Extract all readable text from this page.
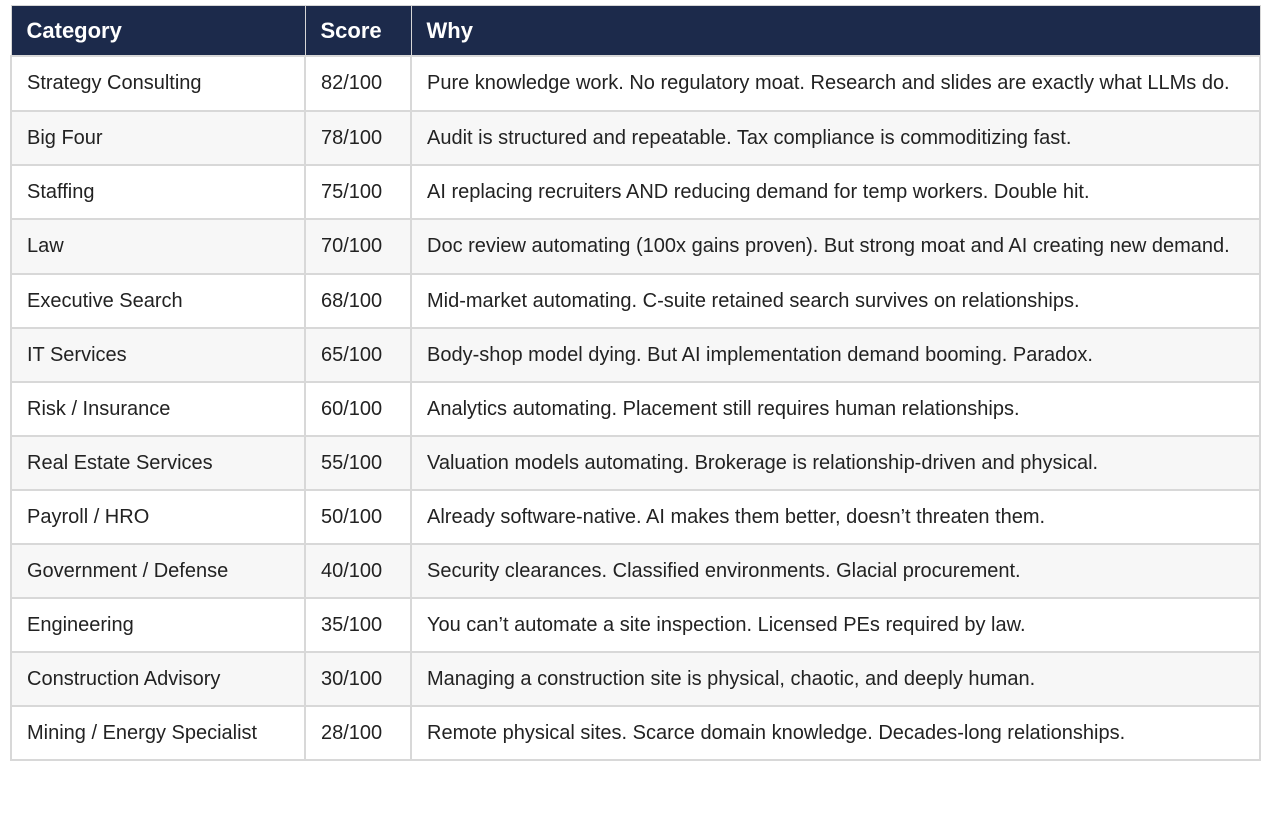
Category	Score	Why
Strategy Consulting	82/100	Pure knowledge work. No regulatory moat. Research and slides are exactly what LLMs do.
Big Four	78/100	Audit is structured and repeatable. Tax compliance is commoditizing fast.
Staffing	75/100	AI replacing recruiters AND reducing demand for temp workers. Double hit.
Law	70/100	Doc review automating (100x gains proven). But strong moat and AI creating new demand.
Executive Search	68/100	Mid-market automating. C-suite retained search survives on relationships.
IT Services	65/100	Body-shop model dying. But AI implementation demand booming. Paradox.
Risk / Insurance	60/100	Analytics automating. Placement still requires human relationships.
Real Estate Services	55/100	Valuation models automating. Brokerage is relationship-driven and physical.
Payroll / HRO	50/100	Already software-native. AI makes them better, doesn’t threaten them.
Government / Defense	40/100	Security clearances. Classified environments. Glacial procurement.
Engineering	35/100	You can’t automate a site inspection. Licensed PEs required by law.
Construction Advisory	30/100	Managing a construction site is physical, chaotic, and deeply human.
Mining / Energy Specialist	28/100	Remote physical sites. Scarce domain knowledge. Decades-long relationships.
